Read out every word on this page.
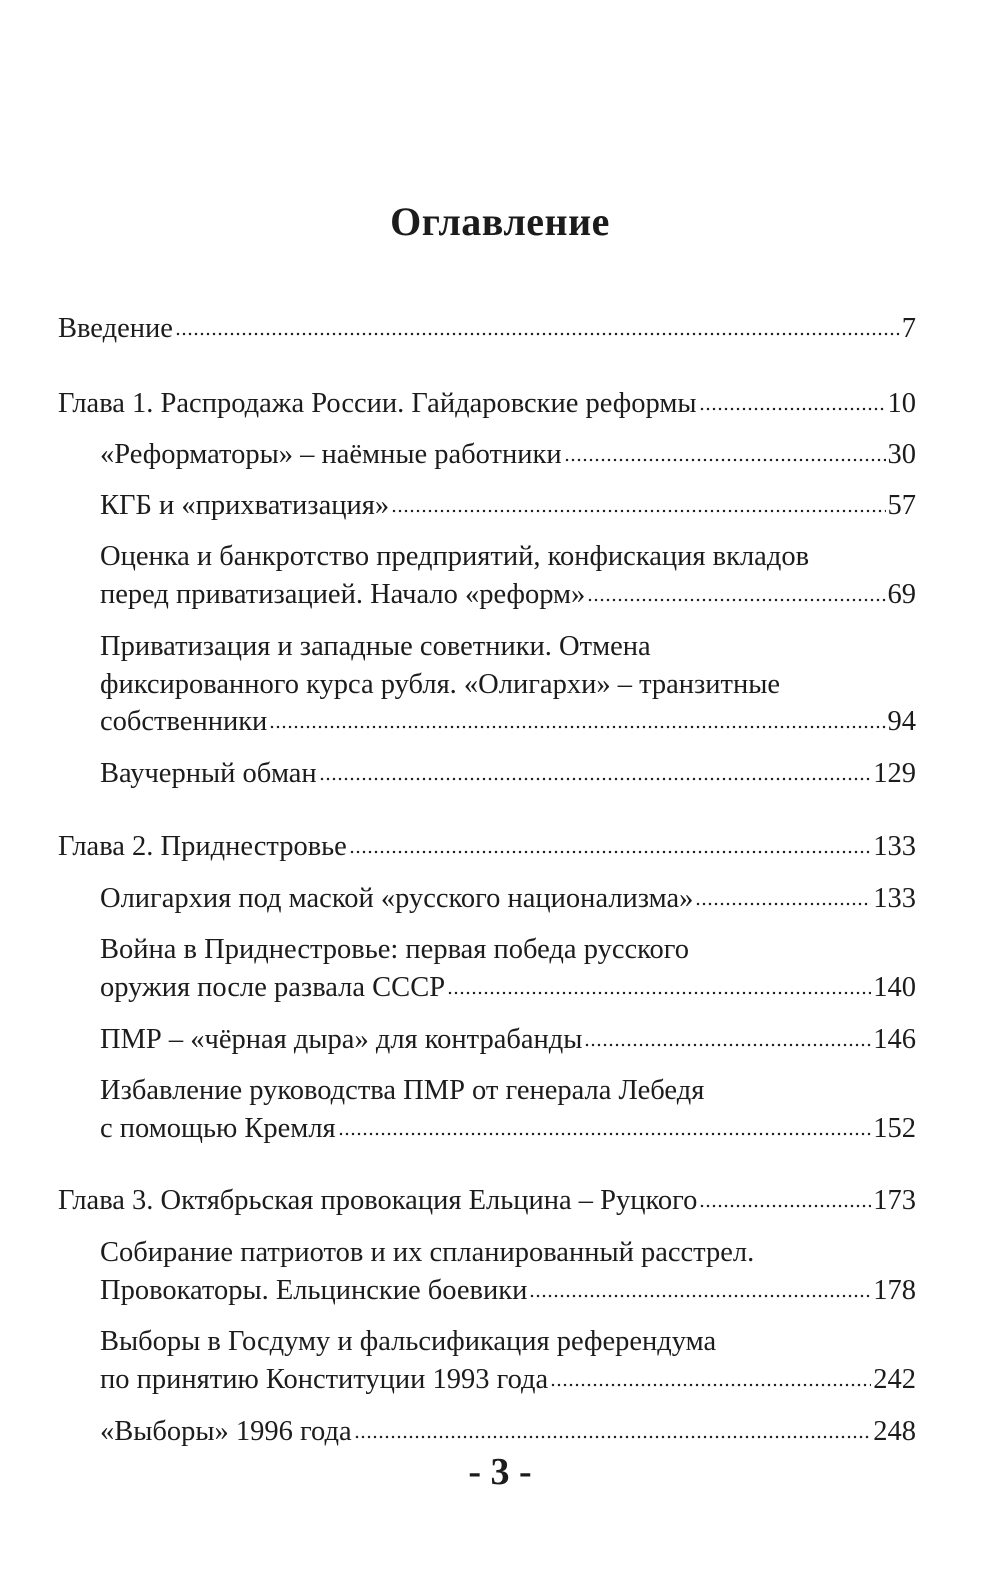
Оглавление
Введение	7
Глава 1. Распродажа России. Гайдаровские реформы	10
«Реформаторы» – наёмные работники	30
КГБ и «прихватизация»	57
Оценка и банкротство предприятий, конфискация вкладов
перед приватизацией. Начало «реформ»	69
Приватизация и западные советники. Отмена
фиксированного курса рубля. «Олигархи» – транзитные
собственники	94
Ваучерный обман	129
Глава 2. Приднестровье	133
Олигархия под маской «русского национализма»	133
Война в Приднестровье: первая победа русского
оружия после развала СССР	140
ПМР – «чёрная дыра» для контрабанды	146
Избавление руководства ПМР от генерала Лебедя
с помощью Кремля	152
Глава 3. Октябрьская провокация Ельцина – Руцкого	173
Собирание патриотов и их спланированный расстрел.
Провокаторы. Ельцинские боевики	178
Выборы в Госдуму и фальсификация референдума
по принятию Конституции 1993 года	242
«Выборы» 1996 года	248
- 3 -
